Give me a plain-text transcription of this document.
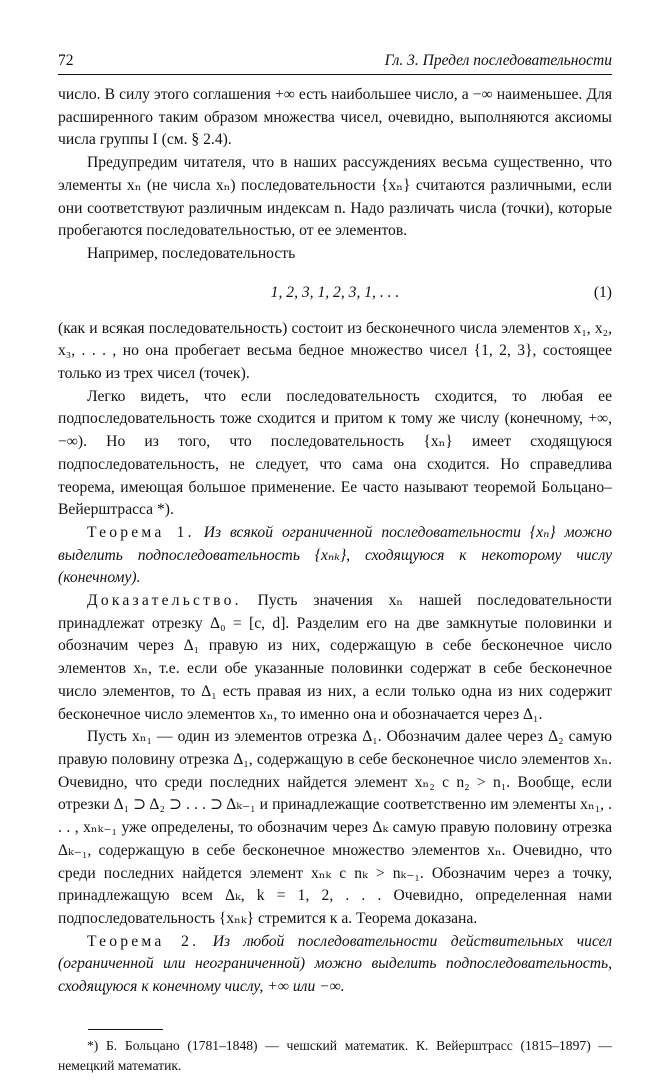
72	Гл. 3. Предел последовательности

число. В силу этого соглашения +∞ есть наибольшее число, а −∞ наименьшее. Для расширенного таким образом множества чисел, очевидно, выполняются аксиомы числа группы I (см. § 2.4).

Предупредим читателя, что в наших рассуждениях весьма существенно, что элементы xₙ (не числа xₙ) последовательности {xₙ} считаются различными, если они соответствуют различным индексам n. Надо различать числа (точки), которые пробегаются последовательностью, от ее элементов.

Например, последовательность

1, 2, 3, 1, 2, 3, 1, . . .	(1)

(как и всякая последовательность) состоит из бесконечного числа элементов x₁, x₂, x₃, . . . , но она пробегает весьма бедное множество чисел {1, 2, 3}, состоящее только из трех чисел (точек).

Легко видеть, что если последовательность сходится, то любая ее подпоследовательность тоже сходится и притом к тому же числу (конечному, +∞, −∞). Но из того, что последовательность {xₙ} имеет сходящуюся подпоследовательность, не следует, что сама она сходится. Но справедлива теорема, имеющая большое применение. Ее часто называют теоремой Больцано–Вейерштрасса *).

Теорема 1. Из всякой ограниченной последовательности {xₙ} можно выделить подпоследовательность {xₙₖ}, сходящуюся к некоторому числу (конечному).

Доказательство. Пусть значения xₙ нашей последовательности принадлежат отрезку Δ₀ = [c, d]. Разделим его на две замкнутые половинки и обозначим через Δ₁ правую из них, содержащую в себе бесконечное число элементов xₙ, т.е. если обе указанные половинки содержат в себе бесконечное число элементов, то Δ₁ есть правая из них, а если только одна из них содержит бесконечное число элементов xₙ, то именно она и обозначается через Δ₁.

Пусть xₙ₁ — один из элементов отрезка Δ₁. Обозначим далее через Δ₂ самую правую половину отрезка Δ₁, содержащую в себе бесконечное число элементов xₙ. Очевидно, что среди последних найдется элемент xₙ₂ с n₂ > n₁. Вообще, если отрезки Δ₁ ⊃ Δ₂ ⊃ . . . ⊃ Δₖ₋₁ и принадлежащие соответственно им элементы xₙ₁, . . . , xₙₖ₋₁ уже определены, то обозначим через Δₖ самую правую половину отрезка Δₖ₋₁, содержащую в себе бесконечное множество элементов xₙ. Очевидно, что среди последних найдется элемент xₙₖ с nₖ > nₖ₋₁. Обозначим через a точку, принадлежащую всем Δₖ, k = 1, 2, . . . Очевидно, определенная нами подпоследовательность {xₙₖ} стремится к a. Теорема доказана.

Теорема 2. Из любой последовательности действительных чисел (ограниченной или неограниченной) можно выделить подпоследовательность, сходящуюся к конечному числу, +∞ или −∞.

*) Б. Больцано (1781–1848) — чешский математик. К. Вейерштрасс (1815–1897) — немецкий математик.
